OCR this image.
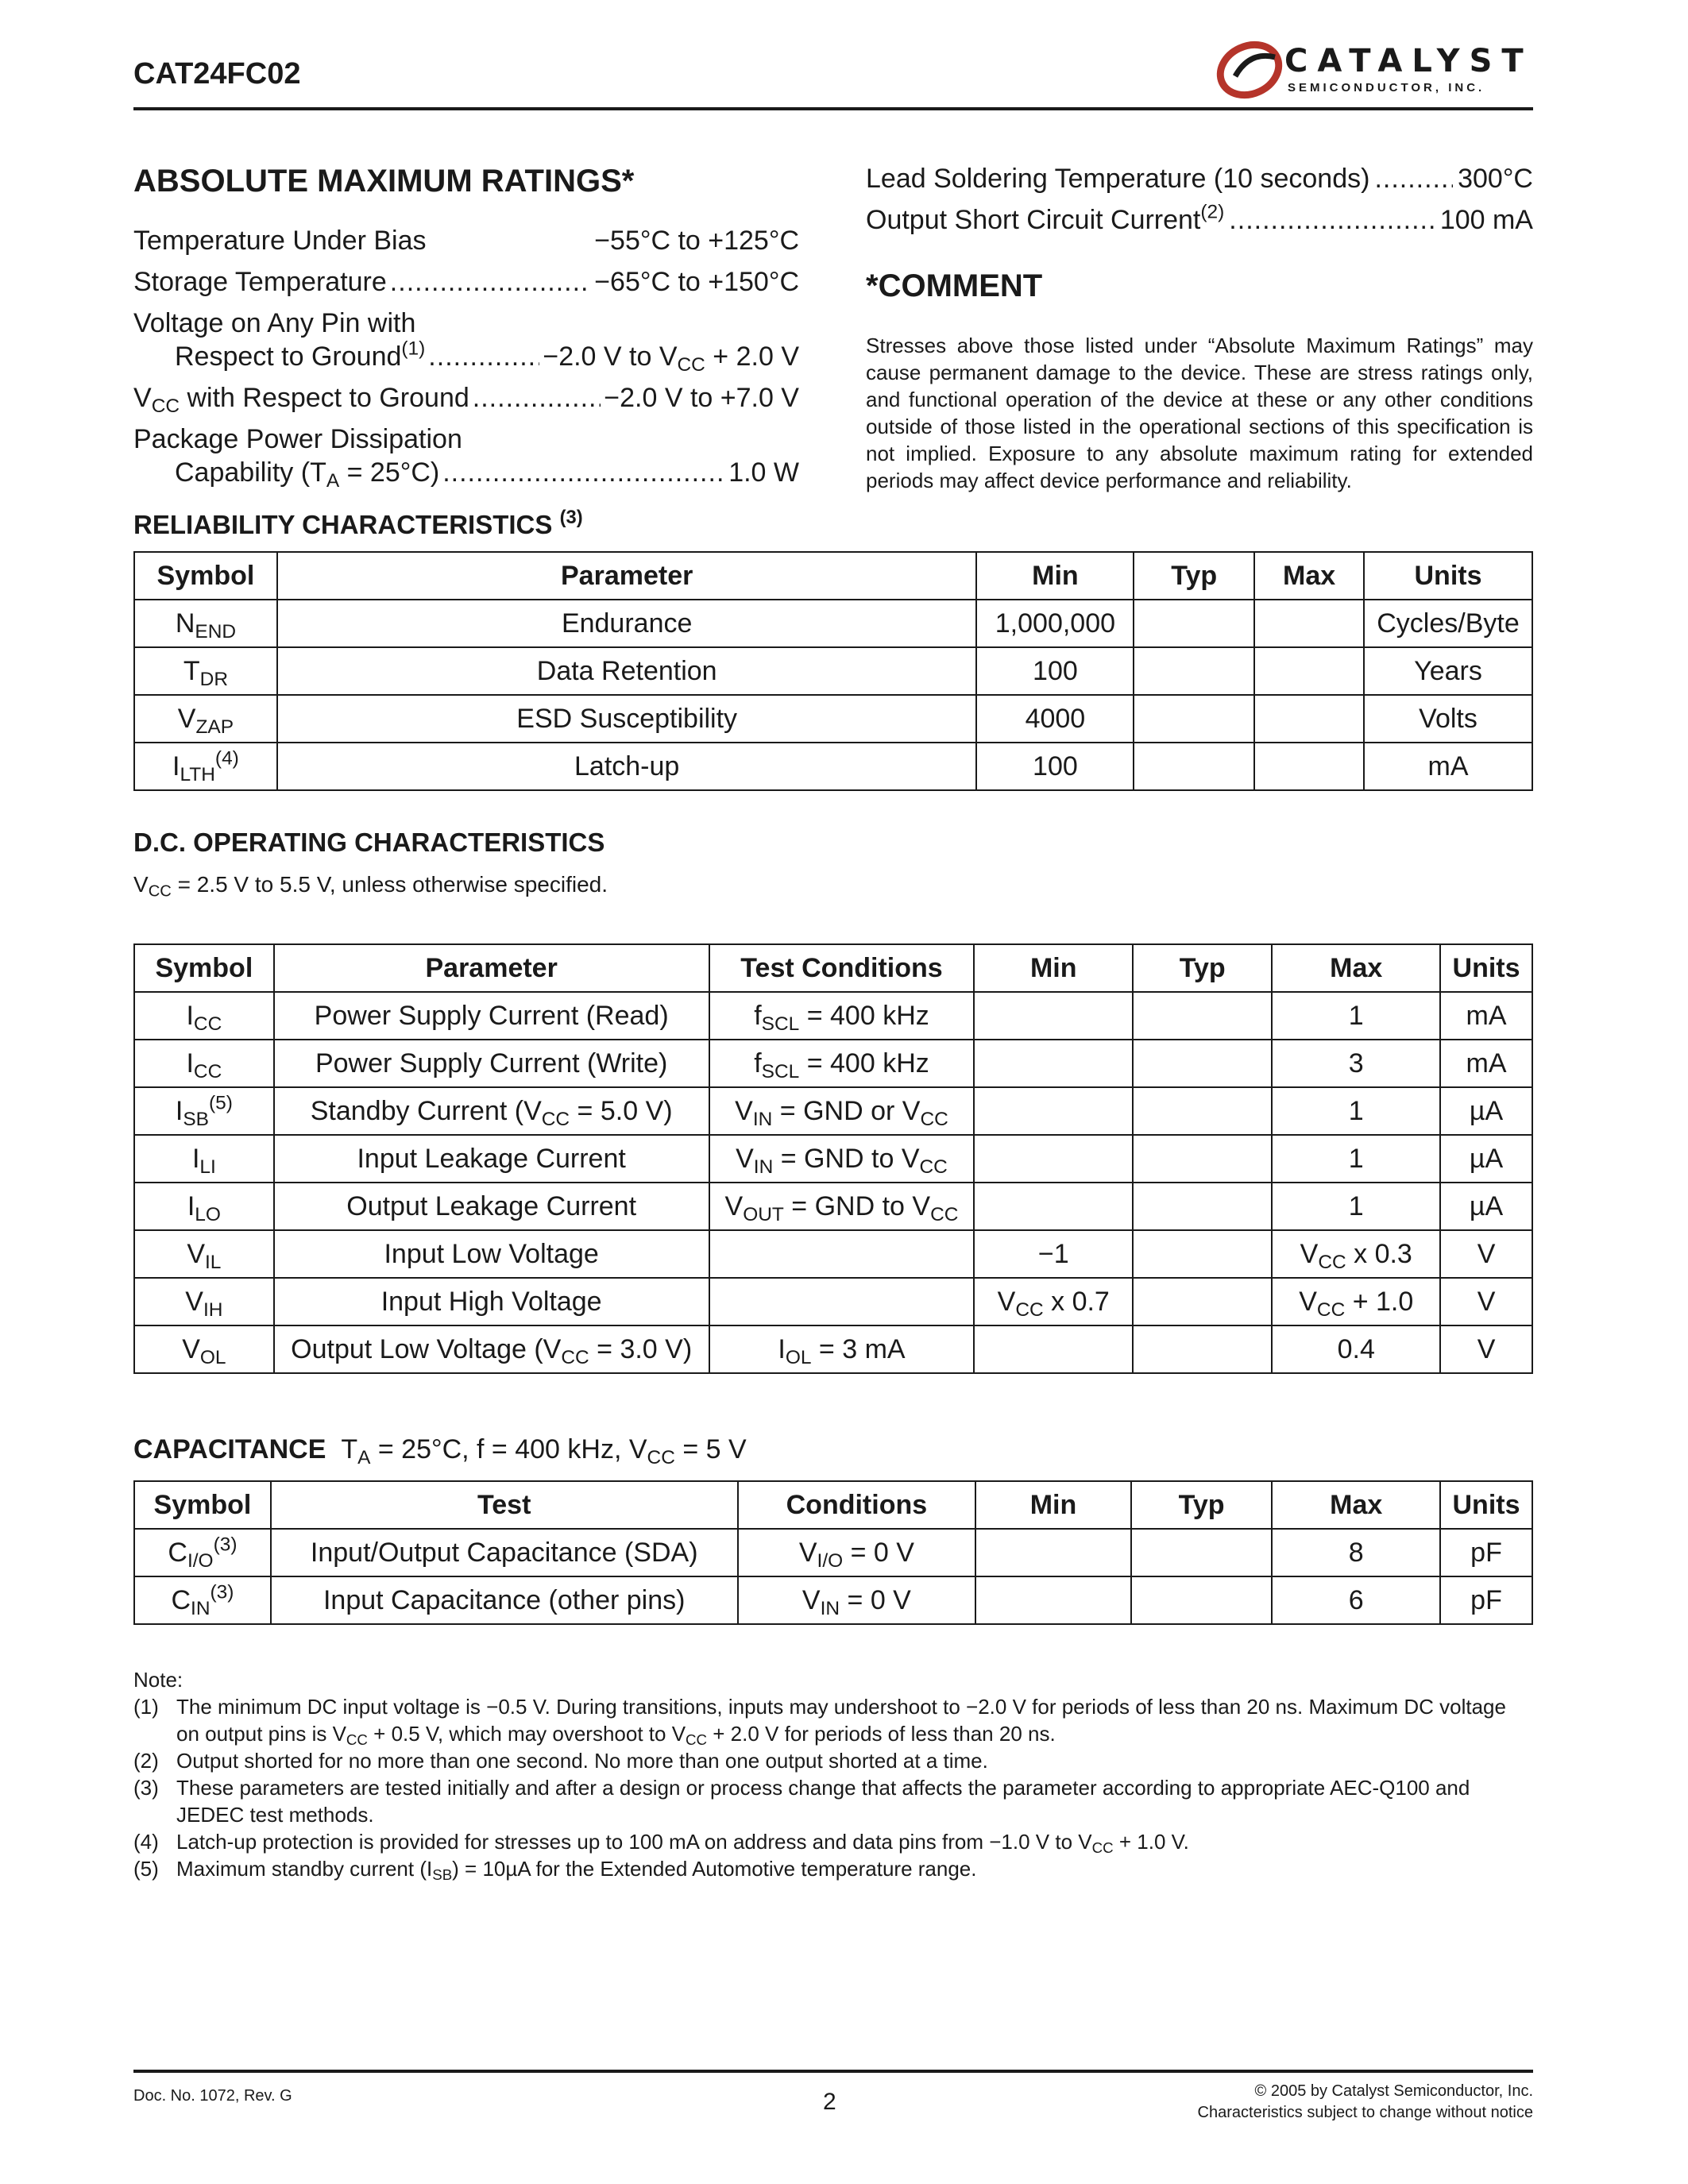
CAT24FC02	CATALYST
SEMICONDUCTOR, INC.
ABSOLUTE MAXIMUM RATINGS*
Temperature Under Bias	−55°C to +125°C
Storage Temperature .....	−65°C to +150°C
Voltage on Any Pin with
Respect to Ground$^{(1)}$ .....	−2.0 V to $V_{CC} + 2.0$ V
$V_{CC}$ with Respect to Ground .....	−2.0 V to +7.0 V
Package Power Dissipation
Capability $(T_A = 25^\circ C)$ .....	1.0 W
Lead Soldering Temperature (10 seconds) .....	300°C
Output Short Circuit Current$^{(2)}$ .....	100 mA
*COMMENT
Stresses above those listed under “Absolute Maximum Ratings” may cause permanent damage to the device. These are stress ratings only, and functional operation of the device at these or any other conditions outside of those listed in the operational sections of this specification is not implied. Exposure to any absolute maximum rating for extended periods may affect device performance and reliability.
RELIABILITY CHARACTERISTICS $^{(3)}$
Symbol	Parameter	Min	Typ	Max	Units
$N_{END}$	Endurance	1,000,000			Cycles/Byte
$T_{DR}$	Data Retention	100			Years
$V_{ZAP}$	ESD Susceptibility	4000			Volts
$I_{LTH}^{(4)}$	Latch-up	100			mA
D.C. OPERATING CHARACTERISTICS
$V_{CC} = 2.5$ V to 5.5 V, unless otherwise specified.
Symbol	Parameter	Test Conditions	Min	Typ	Max	Units
$I_{CC}$	Power Supply Current (Read)	$f_{SCL} = 400$ kHz			1	mA
$I_{CC}$	Power Supply Current (Write)	$f_{SCL} = 400$ kHz			3	mA
$I_{SB}^{(5)}$	Standby Current ($V_{CC} = 5.0$ V)	$V_{IN}$ = GND or $V_{CC}$			1	µA
$I_{LI}$	Input Leakage Current	$V_{IN}$ = GND to $V_{CC}$			1	µA
$I_{LO}$	Output Leakage Current	$V_{OUT}$ = GND to $V_{CC}$			1	µA
$V_{IL}$	Input Low Voltage		−1		$V_{CC}$ x 0.3	V
$V_{IH}$	Input High Voltage		$V_{CC}$ x 0.7		$V_{CC} + 1.0$	V
$V_{OL}$	Output Low Voltage ($V_{CC} = 3.0$ V)	$I_{OL} = 3$ mA			0.4	V
CAPACITANCE $T_A = 25^\circ C$, f = 400 kHz, $V_{CC} = 5$ V
Symbol	Test	Conditions	Min	Typ	Max	Units
$C_{I/O}^{(3)}$	Input/Output Capacitance (SDA)	$V_{I/O} = 0$ V			8	pF
$C_{IN}^{(3)}$	Input Capacitance (other pins)	$V_{IN} = 0$ V			6	pF
Note:
(1) The minimum DC input voltage is −0.5 V. During transitions, inputs may undershoot to −2.0 V for periods of less than 20 ns. Maximum DC voltage on output pins is $V_{CC} + 0.5$ V, which may overshoot to $V_{CC} + 2.0$ V for periods of less than 20 ns.
(2) Output shorted for no more than one second. No more than one output shorted at a time.
(3) These parameters are tested initially and after a design or process change that affects the parameter according to appropriate AEC-Q100 and JEDEC test methods.
(4) Latch-up protection is provided for stresses up to 100 mA on address and data pins from −1.0 V to $V_{CC} + 1.0$ V.
(5) Maximum standby current $(I_{SB}) = 10\mu A$ for the Extended Automotive temperature range.
Doc. No. 1072, Rev. G	2	© 2005 by Catalyst Semiconductor, Inc.
Characteristics subject to change without notice
